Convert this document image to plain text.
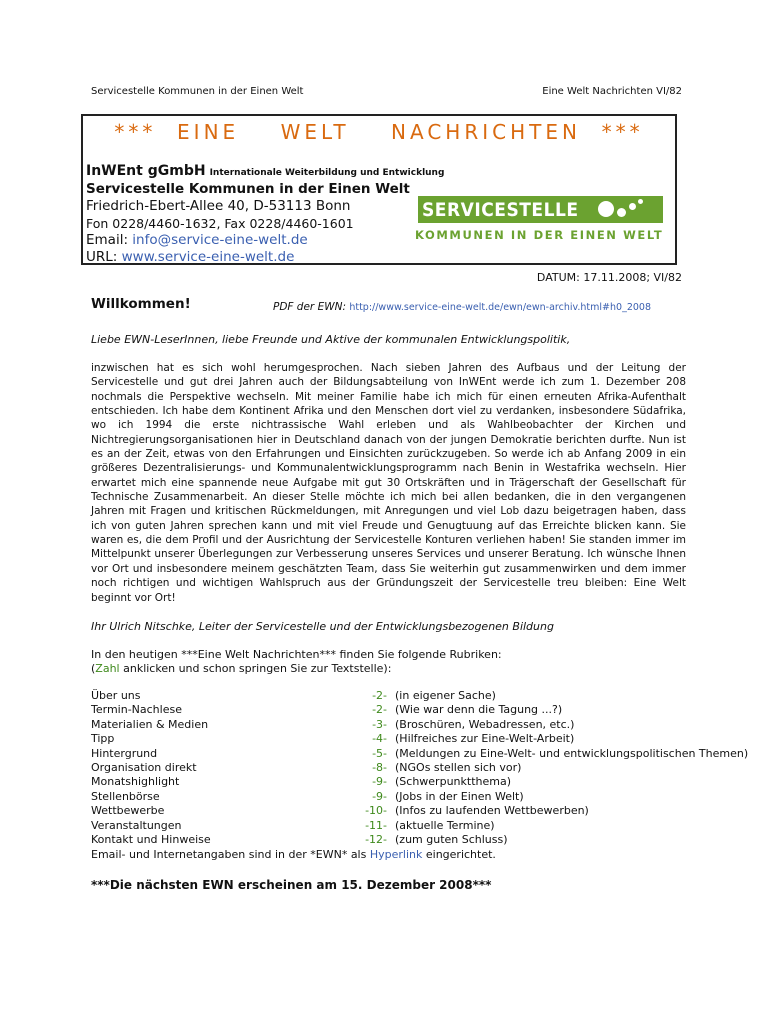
Servicestelle Kommunen in der Einen Welt	Eine Welt Nachrichten VI/82
***  EINE    WELT    NACHRICHTEN  ***
InWEnt gGmbH Internationale Weiterbildung und Entwicklung
Servicestelle Kommunen in der Einen Welt
Friedrich-Ebert-Allee 40, D-53113 Bonn
Fon 0228/4460-1632, Fax 0228/4460-1601
Email: info@service-eine-welt.de
URL: www.service-eine-welt.de
SERVICESTELLE
KOMMUNEN IN DER EINEN WELT
DATUM: 17.11.2008; VI/82
Willkommen!	PDF der EWN: http://www.service-eine-welt.de/ewn/ewn-archiv.html#h0_2008
Liebe EWN-LeserInnen, liebe Freunde und Aktive der kommunalen Entwicklungspolitik,
inzwischen hat es sich wohl herumgesprochen. Nach sieben Jahren des Aufbaus und der Leitung der Servicestelle und gut drei Jahren auch der Bildungsabteilung von InWEnt werde ich zum 1. Dezember 208 nochmals die Perspektive wechseln. Mit meiner Familie habe ich mich für einen erneuten Afrika-Aufenthalt entschieden. Ich habe dem Kontinent Afrika und den Menschen dort viel zu verdanken, insbesondere Südafrika, wo ich 1994 die erste nichtrassische Wahl erleben und als Wahlbeobachter der Kirchen und Nichtregierungsorganisationen hier in Deutschland danach von der jungen Demokratie berichten durfte. Nun ist es an der Zeit, etwas von den Erfahrungen und Einsichten zurückzugeben. So werde ich ab Anfang 2009 in ein größeres Dezentralisierungs- und Kommunalentwicklungsprogramm nach Benin in Westafrika wechseln. Hier erwartet mich eine spannende neue Aufgabe mit gut 30 Ortskräften und in Trägerschaft der Gesellschaft für Technische Zusammenarbeit. An dieser Stelle möchte ich mich bei allen bedanken, die in den vergangenen Jahren mit Fragen und kritischen Rückmeldungen, mit Anregungen und viel Lob dazu beigetragen haben, dass ich von guten Jahren sprechen kann und mit viel Freude und Genugtuung auf das Erreichte blicken kann. Sie waren es, die dem Profil und der Ausrichtung der Servicestelle Konturen verliehen haben! Sie standen immer im Mittelpunkt unserer Überlegungen zur Verbesserung unseres Services und unserer Beratung. Ich wünsche Ihnen vor Ort und insbesondere meinem geschätzten Team, dass Sie weiterhin gut zusammenwirken und dem immer noch richtigen und wichtigen Wahlspruch aus der Gründungszeit der Servicestelle treu bleiben: Eine Welt beginnt vor Ort!
Ihr Ulrich Nitschke, Leiter der Servicestelle und der Entwicklungsbezogenen Bildung
In den heutigen ***Eine Welt Nachrichten*** finden Sie folgende Rubriken:
(Zahl anklicken und schon springen Sie zur Textstelle):
Über uns	-2- (in eigener Sache)
Termin-Nachlese	-2- (Wie war denn die Tagung ...?)
Materialien & Medien	-3- (Broschüren, Webadressen, etc.)
Tipp	-4- (Hilfreiches zur Eine-Welt-Arbeit)
Hintergrund	-5- (Meldungen zu Eine-Welt- und entwicklungspolitischen Themen)
Organisation direkt	-8- (NGOs stellen sich vor)
Monatshighlight	-9- (Schwerpunktthema)
Stellenbörse	-9- (Jobs in der Einen Welt)
Wettbewerbe	-10- (Infos zu laufenden Wettbewerben)
Veranstaltungen	-11- (aktuelle Termine)
Kontakt und Hinweise	-12- (zum guten Schluss)
Email- und Internetangaben sind in der *EWN* als Hyperlink eingerichtet.
***Die nächsten EWN erscheinen am 15. Dezember 2008***
